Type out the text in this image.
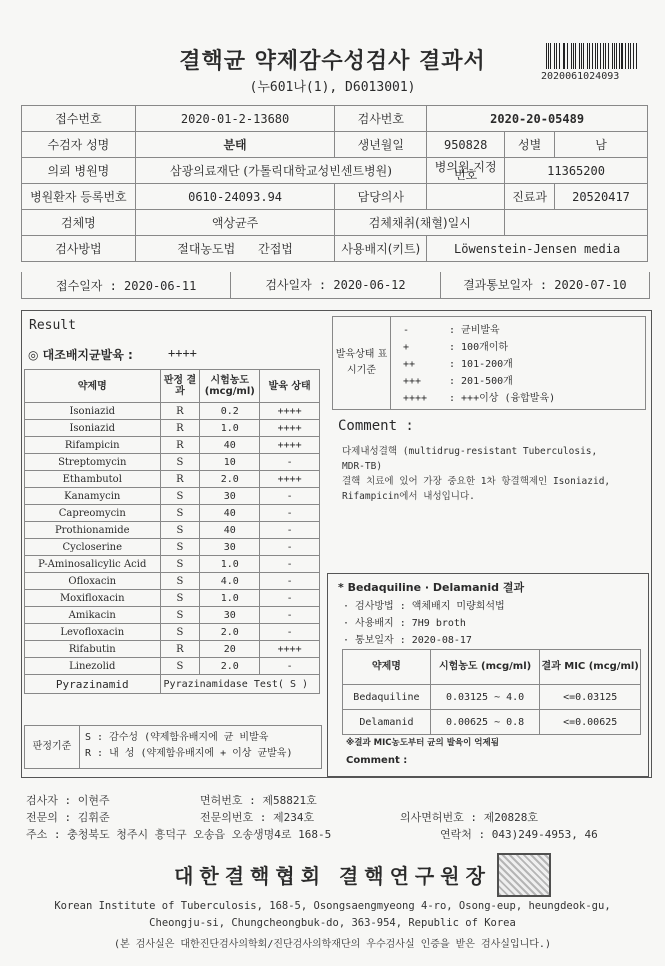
결핵균 약제감수성검사 결과서
(누601나(1), D6013001)
2020061024093
접수번호	2020-01-2-13680	검사번호	2020-20-05489		
수검자 성명	분태	생년월일	950828	성별	남
의뢰 병원명	삼광의료재단 (가톨릭대학교성빈센트병원)		병의원 지정번호	11365200	
병원환자 등록번호	0610-24093.94	담당의사		진료과	20520417
검체명	액상균주	검체채취(채혈)일시			
검사방법	절대농도법 간접법	사용배지(키트)	Löwenstein-Jensen media		
접수일자 : 2020-06-11	검사일자 : 2020-06-12	결과통보일자 : 2020-07-10
Result
◎ 대조배지균발육 :	++++
약제명	판정 결과	시험농도 (mcg/ml)	발육 상태
Isoniazid	R	0.2	++++
Isoniazid	R	1.0	++++
Rifampicin	R	40	++++
Streptomycin	S	10	-
Ethambutol	R	2.0	++++
Kanamycin	S	30	-
Capreomycin	S	40	-
Prothionamide	S	40	-
Cycloserine	S	30	-
P-Aminosalicylic Acid	S	1.0	-
Ofloxacin	S	4.0	-
Moxifloxacin	S	1.0	-
Amikacin	S	30	-
Levofloxacin	S	2.0	-
Rifabutin	R	20	++++
Linezolid	S	2.0	-
Pyrazinamid	Pyrazinamidase Test( S )		
판정기준
S : 감수성 (약제함유배지에 균 비발육
R : 내 성 (약제함유배지에 + 이상 균발육)
발육상태 표시기준
-	: 균비발육
+	: 100개이하
++	: 101-200개
+++	: 201-500개
++++ : +++이상 (융합발육)
Comment :
다제내성결핵 (multidrug-resistant Tuberculosis,
MDR-TB)
결핵 치료에 있어 가장 중요한 1차 항결핵제인 Isoniazid,
Rifampicin에서 내성입니다.
* Bedaquiline · Delamanid 결과
· 검사방법 : 액체배지 미량희석법
· 사용배지 : 7H9 broth
· 통보일자 : 2020-08-17
약제명	시험농도 (mcg/ml)	결과 MIC (mcg/ml)
Bedaquiline	0.03125 ~ 4.0	<=0.03125
Delamanid	0.00625 ~ 0.8	<=0.00625
※결과 MIC농도부터 균의 발육이 억제됨
Comment :
검사자 : 이현주	면허번호 : 제58821호
전문의 : 김휘준	전문의번호 : 제234호	의사면허번호 : 제20828호
주소 : 충청북도 청주시 흥덕구 오송읍 오송생명4로 168-5	연락처 : 043)249-4953, 46
대한결핵협회 결핵연구원장
Korean Institute of Tuberculosis, 168-5, Osongsaengmyeong 4-ro, Osong-eup, heungdeok-gu,
Cheongju-si, Chungcheongbuk-do, 363-954, Republic of Korea
(본 검사실은 대한진단검사의학회/진단검사의학재단의 우수검사실 인증을 받은 검사실입니다.)
